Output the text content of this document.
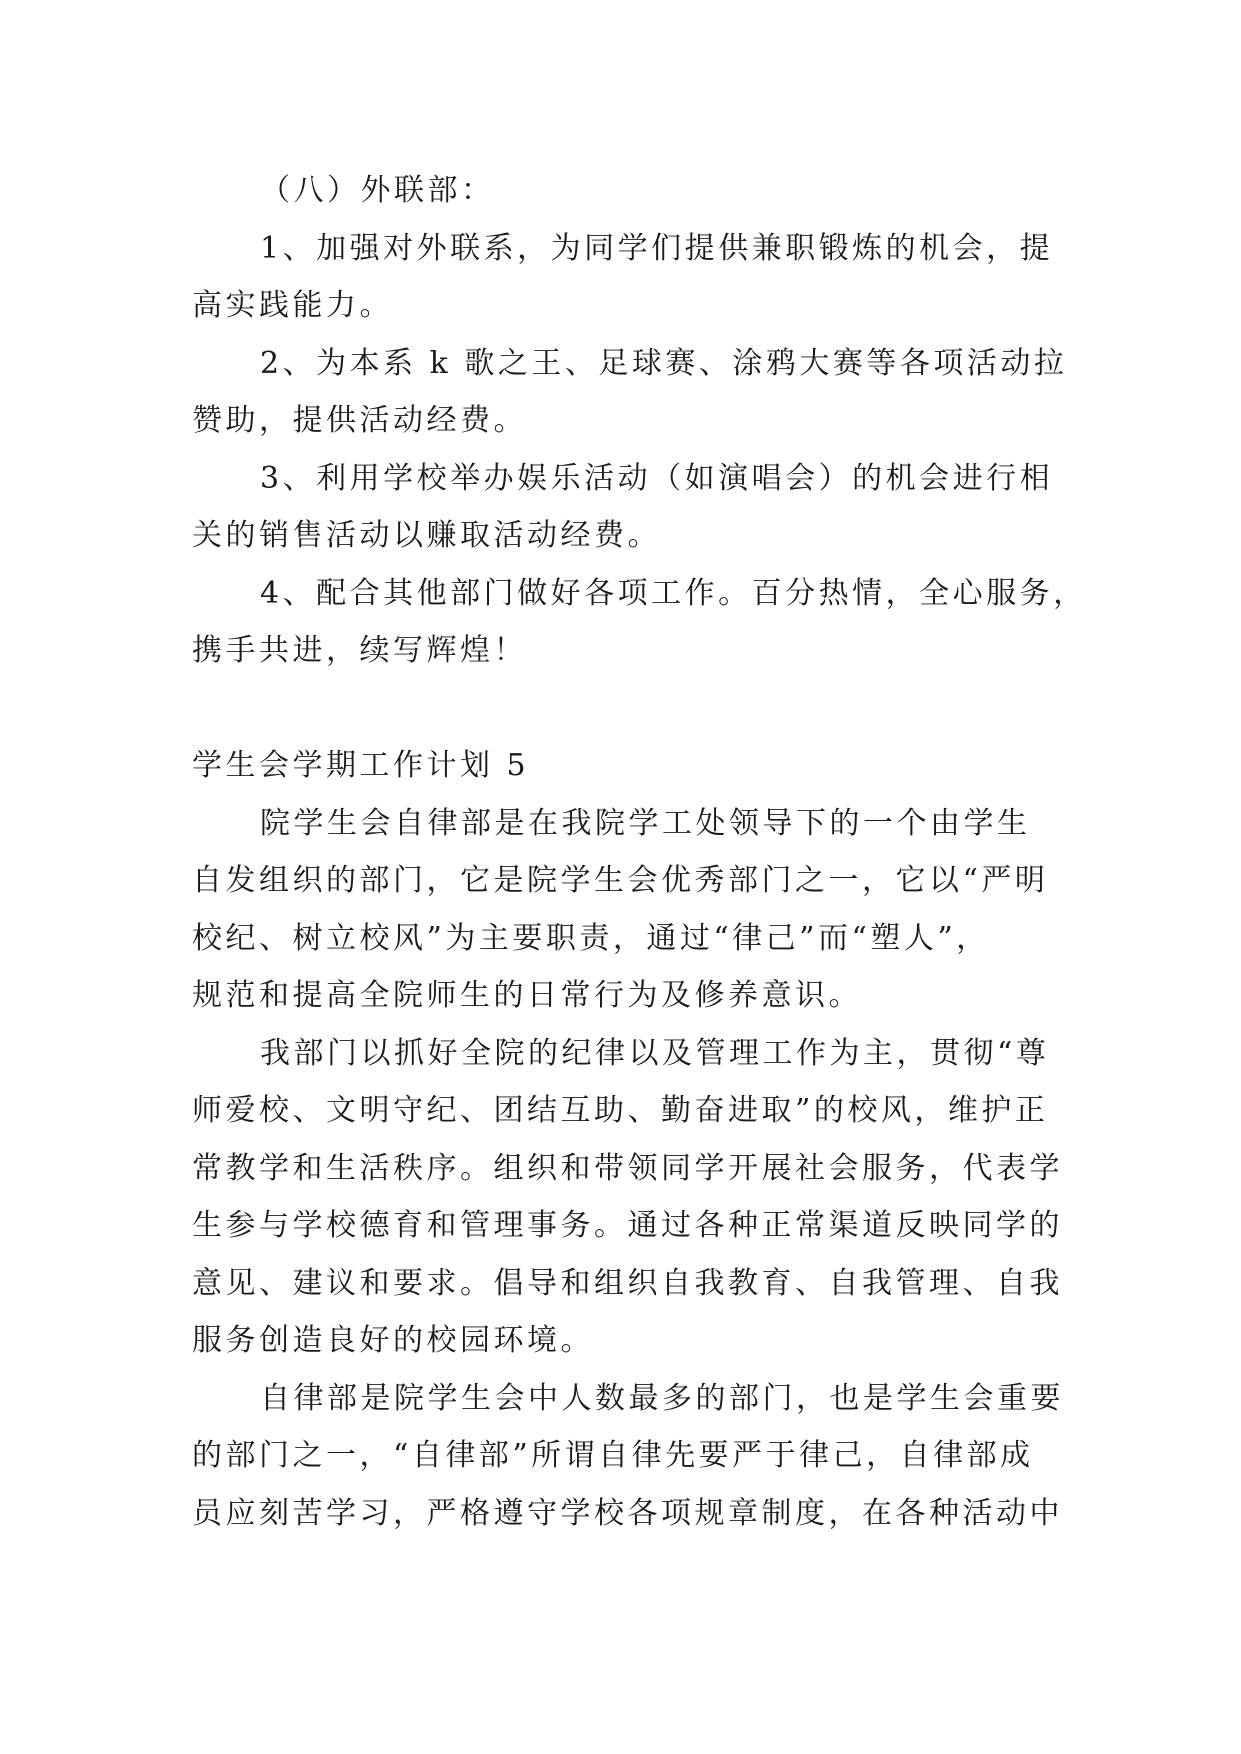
（八）外联部：

1、加强对外联系，为同学们提供兼职锻炼的机会，提
高实践能力。

2、为本系 k 歌之王、足球赛、涂鸦大赛等各项活动拉
赞助，提供活动经费。

3、利用学校举办娱乐活动（如演唱会）的机会进行相
关的销售活动以赚取活动经费。

4、配合其他部门做好各项工作。百分热情，全心服务，
携手共进，续写辉煌！

学生会学期工作计划 5

院学生会自律部是在我院学工处领导下的一个由学生
自发组织的部门，它是院学生会优秀部门之一，它以“严明
校纪、树立校风”为主要职责，通过“律己”而“塑人”，
规范和提高全院师生的日常行为及修养意识。

我部门以抓好全院的纪律以及管理工作为主，贯彻“尊
师爱校、文明守纪、团结互助、勤奋进取”的校风，维护正
常教学和生活秩序。组织和带领同学开展社会服务，代表学
生参与学校德育和管理事务。通过各种正常渠道反映同学的
意见、建议和要求。倡导和组织自我教育、自我管理、自我
服务创造良好的校园环境。

自律部是院学生会中人数最多的部门，也是学生会重要
的部门之一，“自律部”所谓自律先要严于律己，自律部成
员应刻苦学习，严格遵守学校各项规章制度，在各种活动中
